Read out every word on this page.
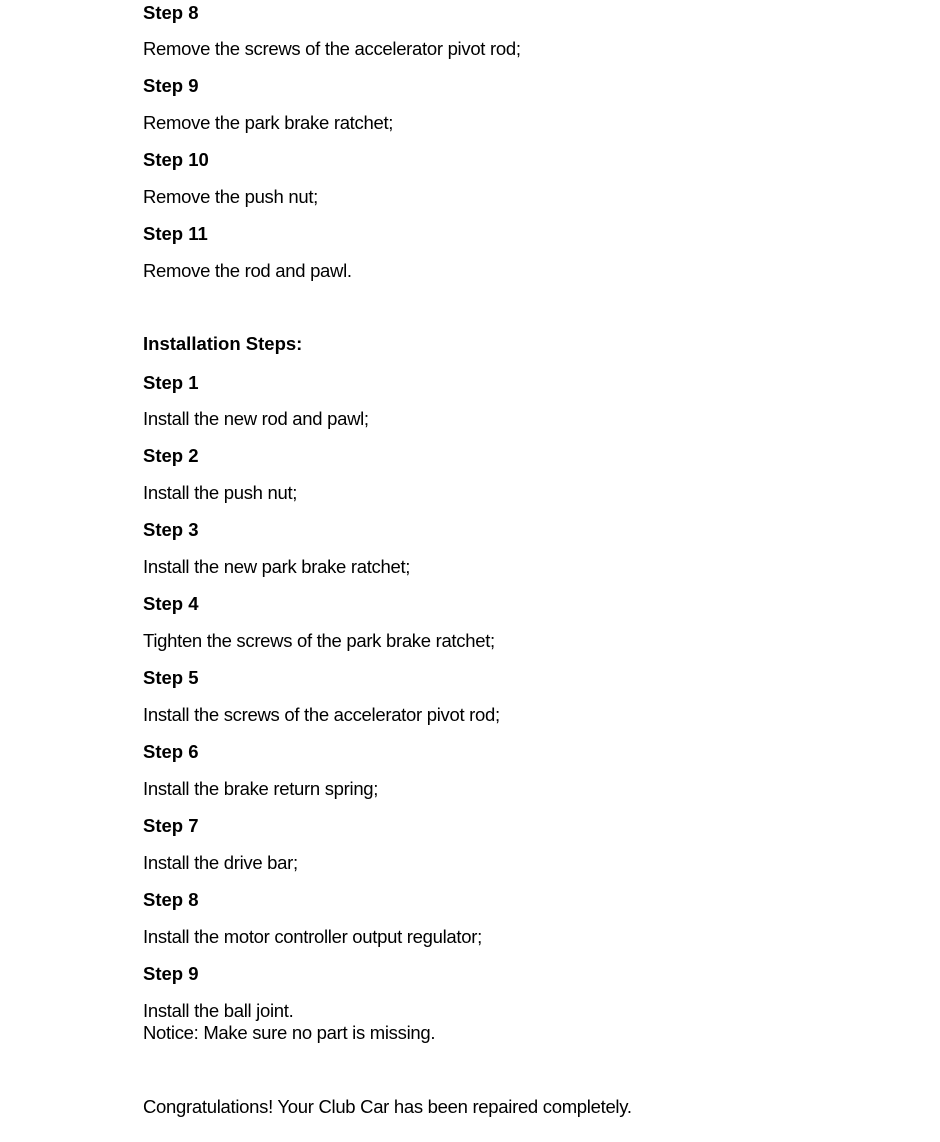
Step 8
Remove the screws of the accelerator pivot rod;
Step 9
Remove the park brake ratchet;
Step 10
Remove the push nut;
Step 11
Remove the rod and pawl.
Installation Steps:
Step 1
Install the new rod and pawl;
Step 2
Install the push nut;
Step 3
Install the new park brake ratchet;
Step 4
Tighten the screws of the park brake ratchet;
Step 5
Install the screws of the accelerator pivot rod;
Step 6
Install the brake return spring;
Step 7
Install the drive bar;
Step 8
Install the motor controller output regulator;
Step 9
Install the ball joint.
Notice: Make sure no part is missing.
Congratulations! Your Club Car has been repaired completely.
